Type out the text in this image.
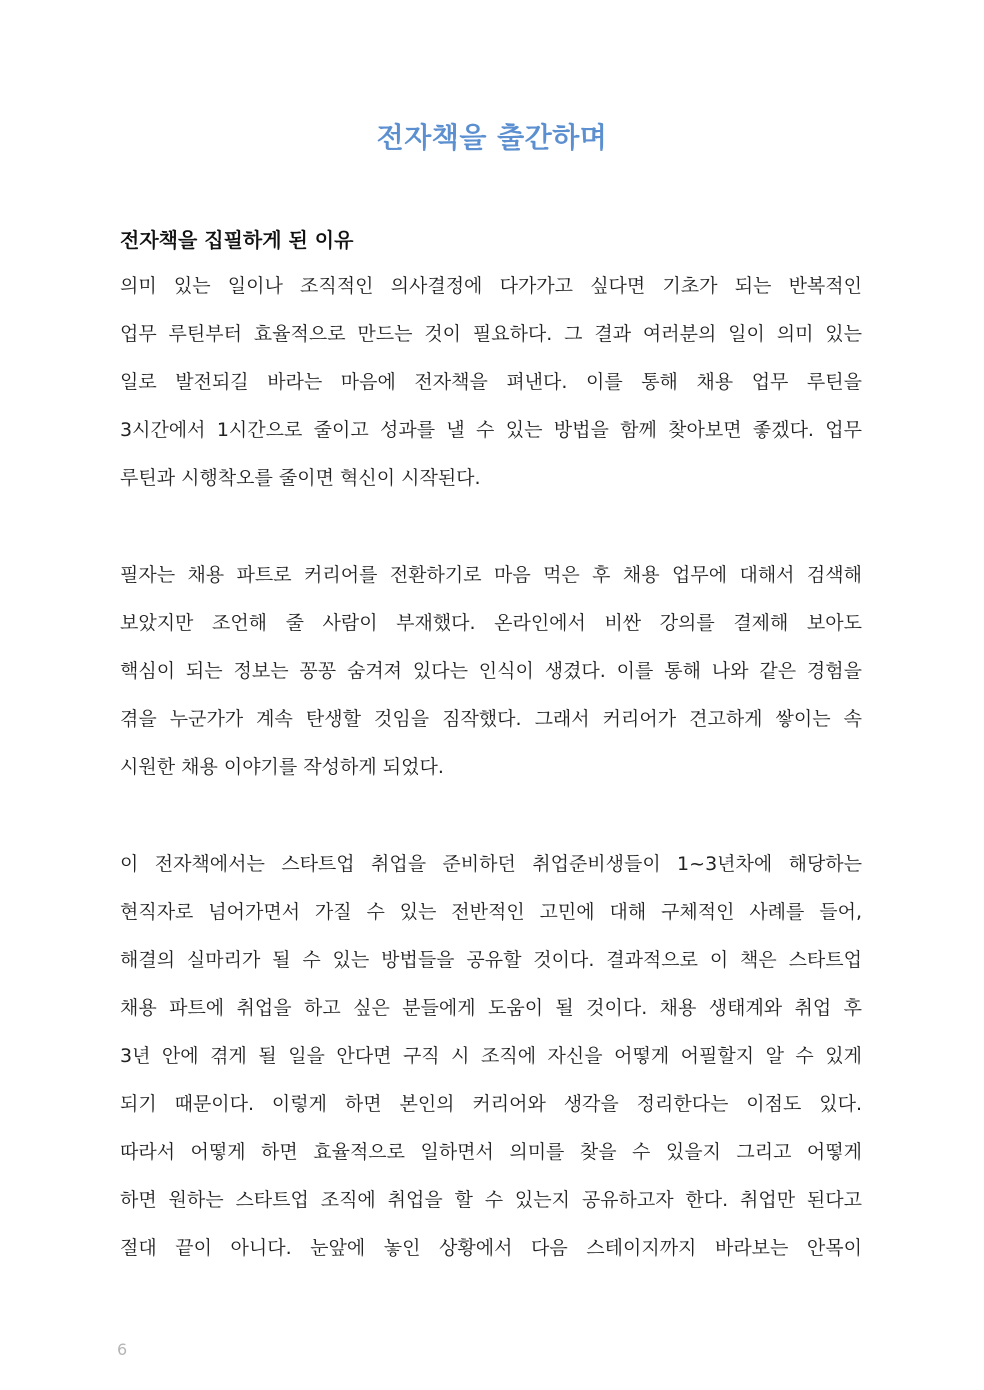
전자책을 출간하며
전자책을 집필하게 된 이유

의미 있는 일이나 조직적인 의사결정에 다가가고 싶다면 기초가 되는 반복적인
업무 루틴부터 효율적으로 만드는 것이 필요하다. 그 결과 여러분의 일이 의미 있는
일로 발전되길 바라는 마음에 전자책을 펴낸다. 이를 통해 채용 업무 루틴을
3시간에서 1시간으로 줄이고 성과를 낼 수 있는 방법을 함께 찾아보면 좋겠다. 업무
루틴과 시행착오를 줄이면 혁신이 시작된다.

필자는 채용 파트로 커리어를 전환하기로 마음 먹은 후 채용 업무에 대해서 검색해
보았지만 조언해 줄 사람이 부재했다. 온라인에서 비싼 강의를 결제해 보아도
핵심이 되는 정보는 꽁꽁 숨겨져 있다는 인식이 생겼다. 이를 통해 나와 같은 경험을
겪을 누군가가 계속 탄생할 것임을 짐작했다. 그래서 커리어가 견고하게 쌓이는 속
시원한 채용 이야기를 작성하게 되었다.

이 전자책에서는 스타트업 취업을 준비하던 취업준비생들이 1~3년차에 해당하는
현직자로 넘어가면서 가질 수 있는 전반적인 고민에 대해 구체적인 사례를 들어,
해결의 실마리가 될 수 있는 방법들을 공유할 것이다. 결과적으로 이 책은 스타트업
채용 파트에 취업을 하고 싶은 분들에게 도움이 될 것이다. 채용 생태계와 취업 후
3년 안에 겪게 될 일을 안다면 구직 시 조직에 자신을 어떻게 어필할지 알 수 있게
되기 때문이다. 이렇게 하면 본인의 커리어와 생각을 정리한다는 이점도 있다.
따라서 어떻게 하면 효율적으로 일하면서 의미를 찾을 수 있을지 그리고 어떻게
하면 원하는 스타트업 조직에 취업을 할 수 있는지 공유하고자 한다. 취업만 된다고
절대 끝이 아니다. 눈앞에 놓인 상황에서 다음 스테이지까지 바라보는 안목이

6
